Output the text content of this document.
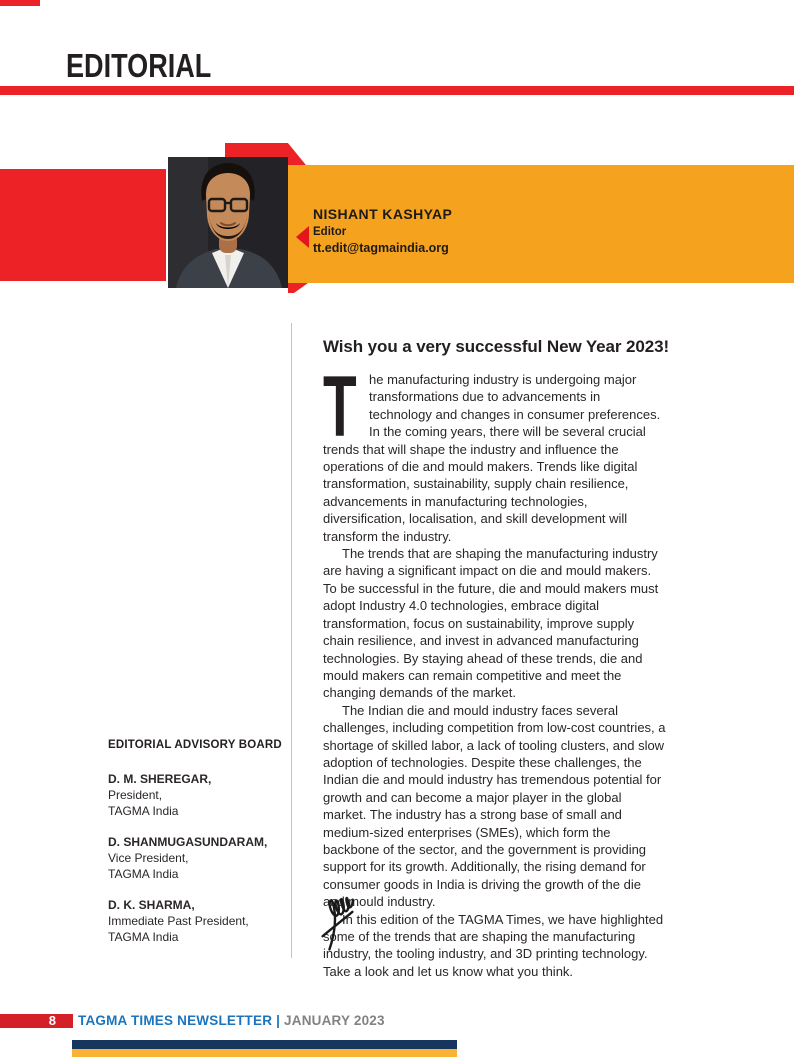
EDITORIAL
NISHANT KASHYAP
Editor
tt.edit@tagmaindia.org
Wish you a very successful New Year 2023!
T he manufacturing industry is undergoing major transformations due to advancements in technology and changes in consumer preferences. In the coming years, there will be several crucial trends that will shape the industry and influence the operations of die and mould makers. Trends like digital transformation, sustainability, supply chain resilience, advancements in manufacturing technologies, diversification, localisation, and skill development will transform the industry.

The trends that are shaping the manufacturing industry are having a significant impact on die and mould makers. To be successful in the future, die and mould makers must adopt Industry 4.0 technologies, embrace digital transformation, focus on sustainability, improve supply chain resilience, and invest in advanced manufacturing technologies. By staying ahead of these trends, die and mould makers can remain competitive and meet the changing demands of the market.

The Indian die and mould industry faces several challenges, including competition from low-cost countries, a shortage of skilled labor, a lack of tooling clusters, and slow adoption of technologies. Despite these challenges, the Indian die and mould industry has tremendous potential for growth and can become a major player in the global market. The industry has a strong base of small and medium-sized enterprises (SMEs), which form the backbone of the sector, and the government is providing support for its growth. Additionally, the rising demand for consumer goods in India is driving the growth of the die and mould industry.

In this edition of the TAGMA Times, we have highlighted some of the trends that are shaping the manufacturing industry, the tooling industry, and 3D printing technology. Take a look and let us know what you think.

EDITORIAL ADVISORY BOARD
D. M. SHEREGAR,
President,
TAGMA India
D. SHANMUGASUNDARAM,
Vice President,
TAGMA India
D. K. SHARMA,
Immediate Past President,
TAGMA India
8	TAGMA TIMES NEWSLETTER | JANUARY 2023
